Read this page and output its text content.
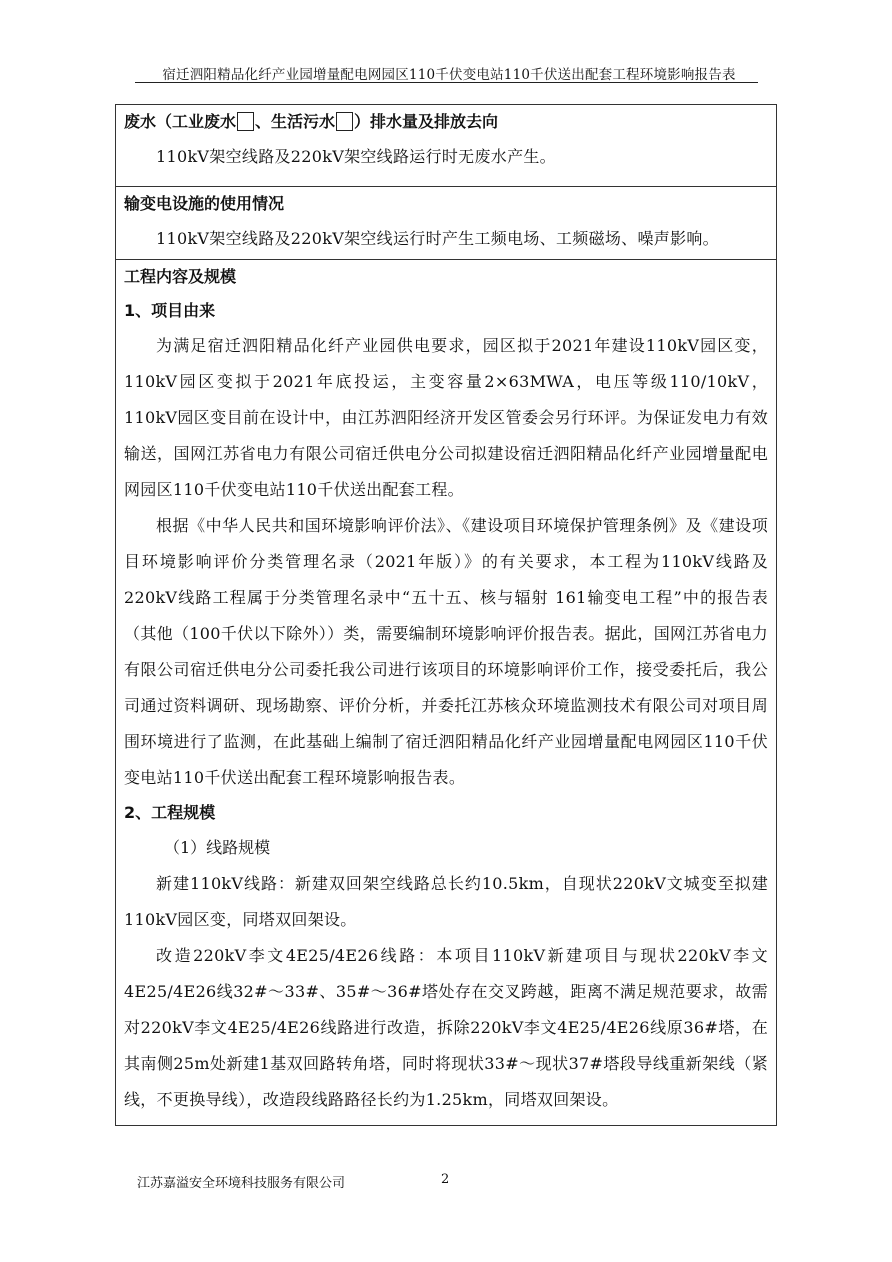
宿迁泗阳精品化纤产业园增量配电网园区110千伏变电站110千伏送出配套工程环境影响报告表
废水（工业废水 、生活污水 ）排水量及排放去向

110kV架空线路及220kV架空线路运行时无废水产生。

输变电设施的使用情况

110kV架空线路及220kV架空线运行时产生工频电场、工频磁场、噪声影响。

工程内容及规模
1、项目由来

为满足宿迁泗阳精品化纤产业园供电要求，园区拟于2021年建设110kV园区变，110kV园区变拟于2021年底投运，主变容量2×63MWA，电压等级110/10kV，110kV园区变目前在设计中，由江苏泗阳经济开发区管委会另行环评。为保证发电力有效输送，国网江苏省电力有限公司宿迁供电分公司拟建设宿迁泗阳精品化纤产业园增量配电网园区110千伏变电站110千伏送出配套工程。

根据《中华人民共和国环境影响评价法》、《建设项目环境保护管理条例》及《建设项目环境影响评价分类管理名录（2021年版）》的有关要求，本工程为110kV线路及220kV线路工程属于分类管理名录中“五十五、核与辐射 161输变电工程”中的报告表（其他（100千伏以下除外））类，需要编制环境影响评价报告表。据此，国网江苏省电力有限公司宿迁供电分公司委托我公司进行该项目的环境影响评价工作，接受委托后，我公司通过资料调研、现场勘察、评价分析，并委托江苏核众环境监测技术有限公司对项目周围环境进行了监测，在此基础上编制了宿迁泗阳精品化纤产业园增量配电网园区110千伏变电站110千伏送出配套工程环境影响报告表。

2、工程规模
（1）线路规模

新建110kV线路：新建双回架空线路总长约10.5km，自现状220kV文城变至拟建110kV园区变，同塔双回架设。

改造220kV李文4E25/4E26线路：本项目110kV新建项目与现状220kV李文4E25/4E26线32#～33#、35#～36#塔处存在交叉跨越，距离不满足规范要求，故需对220kV李文4E25/4E26线路进行改造，拆除220kV李文4E25/4E26线原36#塔，在其南侧25m处新建1基双回路转角塔，同时将现状33#～现状37#塔段导线重新架线（紧线，不更换导线），改造段线路路径长约为1.25km，同塔双回架设。

江苏嘉溢安全环境科技服务有限公司	2
